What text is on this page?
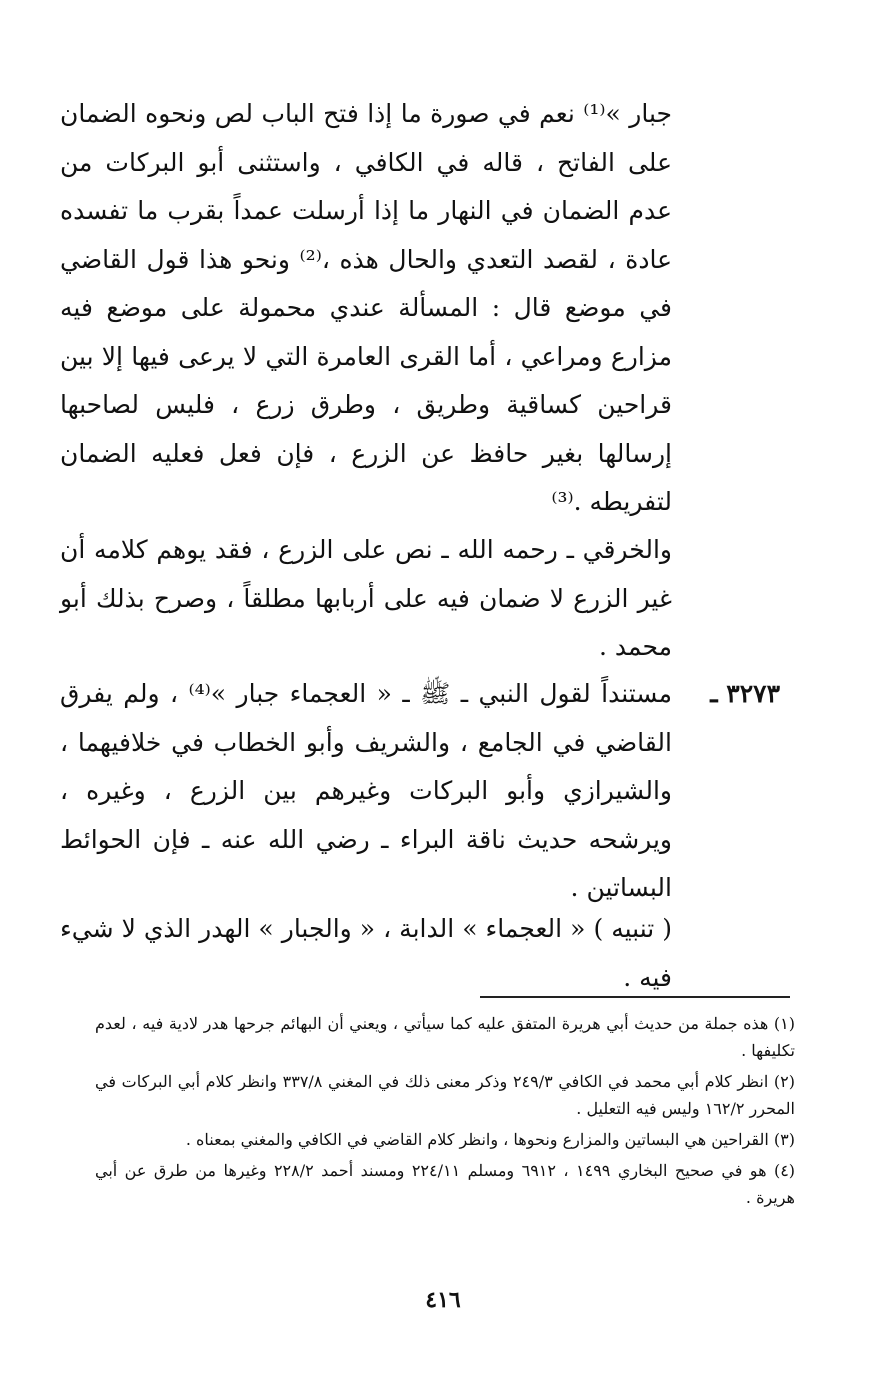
جبار »⁽¹⁾ نعم في صورة ما إذا فتح الباب لص ونحوه الضمان على الفاتح ، قاله في الكافي ، واستثنى أبو البركات من عدم الضمان في النهار ما إذا أرسلت عمداً بقرب ما تفسده عادة ، لقصد التعدي والحال هذه ،⁽²⁾ ونحو هذا قول القاضي في موضع قال : المسألة عندي محمولة على موضع فيه مزارع ومراعي ، أما القرى العامرة التي لا يرعى فيها إلا بين قراحين كساقية وطريق ، وطرق زرع ، فليس لصاحبها إرسالها بغير حافظ عن الزرع ، فإن فعل فعليه الضمان لتفريطه .⁽³⁾

والخرقي ـ رحمه الله ـ نص على الزرع ، فقد يوهم كلامه أن غير الزرع لا ضمان فيه على أربابها مطلقاً ، وصرح بذلك أبو محمد .

٣٢٧٣ ـ

مستنداً لقول النبي ـ ﷺ ـ « العجماء جبار »⁽⁴⁾ ، ولم يفرق القاضي في الجامع ، والشريف وأبو الخطاب في خلافيهما ، والشيرازي وأبو البركات وغيرهم بين الزرع ، وغيره ، ويرشحه حديث ناقة البراء ـ رضي الله عنه ـ فإن الحوائط البساتين .

( تنبيه ) « العجماء » الدابة ، « والجبار » الهدر الذي لا شيء فيه .

(١) هذه جملة من حديث أبي هريرة المتفق عليه كما سيأتي ، ويعني أن البهائم جرحها هدر لادية فيه ، لعدم تكليفها .

(٢) انظر كلام أبي محمد في الكافي ٢٤٩/٣ وذكر معنى ذلك في المغني ٣٣٧/٨ وانظر كلام أبي البركات في المحرر ١٦٢/٢ وليس فيه التعليل .

(٣) القراحين هي البساتين والمزارع ونحوها ، وانظر كلام القاضي في الكافي والمغني بمعناه .

(٤) هو في صحيح البخاري ١٤٩٩ ، ٦٩١٢ ومسلم ٢٢٤/١١ ومسند أحمد ٢٢٨/٢ وغيرها من طرق عن أبي هريرة .

٤١٦
